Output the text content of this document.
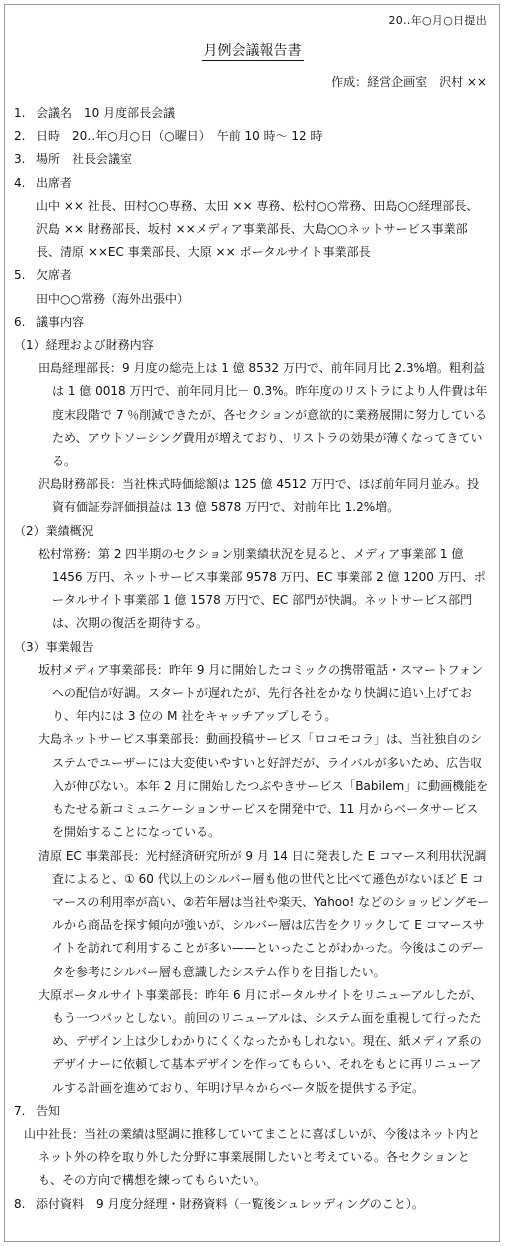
20‥年○月○日提出
月例会議報告書
作成：経営企画室　沢村 ××
1. 会議名　10 月度部長会議
2. 日時　20‥年○月○日（○曜日）　午前 10 時〜 12 時
3. 場所　社長会議室
4. 出席者
山中 ×× 社長、田村○○専務、太田 ×× 専務、松村○○常務、田島○○経理部長、沢島 ×× 財務部長、坂村 ××メディア事業部長、大島○○ネットサービス事業部長、清原 ××EC 事業部長、大原 ×× ポータルサイト事業部長
5. 欠席者
田中○○常務（海外出張中）
6. 議事内容
（1）経理および財務内容
田島経理部長：9 月度の総売上は 1 億 8532 万円で、前年同月比 2.3%増。粗利益は 1 億 0018 万円で、前年同月比－ 0.3%。昨年度のリストラにより人件費は年度末段階で 7 ％削減できたが、各セクションが意欲的に業務展開に努力しているため、アウトソーシング費用が増えており、リストラの効果が薄くなってきている。
沢島財務部長：当社株式時価総額は 125 億 4512 万円で、ほぼ前年同月並み。投資有価証券評価損益は 13 億 5878 万円で、対前年比 1.2%増。
（2）業績概況
松村常務：第 2 四半期のセクション別業績状況を見ると、メディア事業部 1 億 1456 万円、ネットサービス事業部 9578 万円、EC 事業部 2 億 1200 万円、ポータルサイト事業部 1 億 1578 万円で、EC 部門が快調。ネットサービス部門は、次期の復活を期待する。
（3）事業報告
坂村メディア事業部長：昨年 9 月に開始したコミックの携帯電話・スマートフォンへの配信が好調。スタートが遅れたが、先行各社をかなり快調に追い上げており、年内には 3 位の M 社をキャッチアップしそう。
大島ネットサービス事業部長：動画投稿サービス「ロコモコラ」は、当社独自のシステムでユーザーには大変使いやすいと好評だが、ライバルが多いため、広告収入が伸びない。本年 2 月に開始したつぶやきサービス「Babilem」に動画機能をもたせる新コミュニケーションサービスを開発中で、11 月からベータサービスを開始することになっている。
清原 EC 事業部長：光村経済研究所が 9 月 14 日に発表した E コマース利用状況調査によると、① 60 代以上のシルバー層も他の世代と比べて遜色がないほど E コマースの利用率が高い、②若年層は当社や楽天、Yahoo! などのショッピングモールから商品を探す傾向が強いが、シルバー層は広告をクリックして E コマースサイトを訪れて利用することが多い——といったことがわかった。今後はこのデータを参考にシルバー層も意識したシステム作りを目指したい。
大原ポータルサイト事業部長：昨年 6 月にポータルサイトをリニューアルしたが、もう一つパッとしない。前回のリニューアルは、システム面を重視して行ったため、デザイン上は少しわかりにくくなったかもしれない。現在、紙メディア系のデザイナーに依頼して基本デザインを作ってもらい、それをもとに再リニューアルする計画を進めており、年明け早々からベータ版を提供する予定。
7. 告知
山中社長：当社の業績は堅調に推移していてまことに喜ばしいが、今後はネット内とネット外の枠を取り外した分野に事業展開したいと考えている。各セクションとも、その方向で構想を練ってもらいたい。
8. 添付資料　9 月度分経理・財務資料（一覧後シュレッディングのこと）。
